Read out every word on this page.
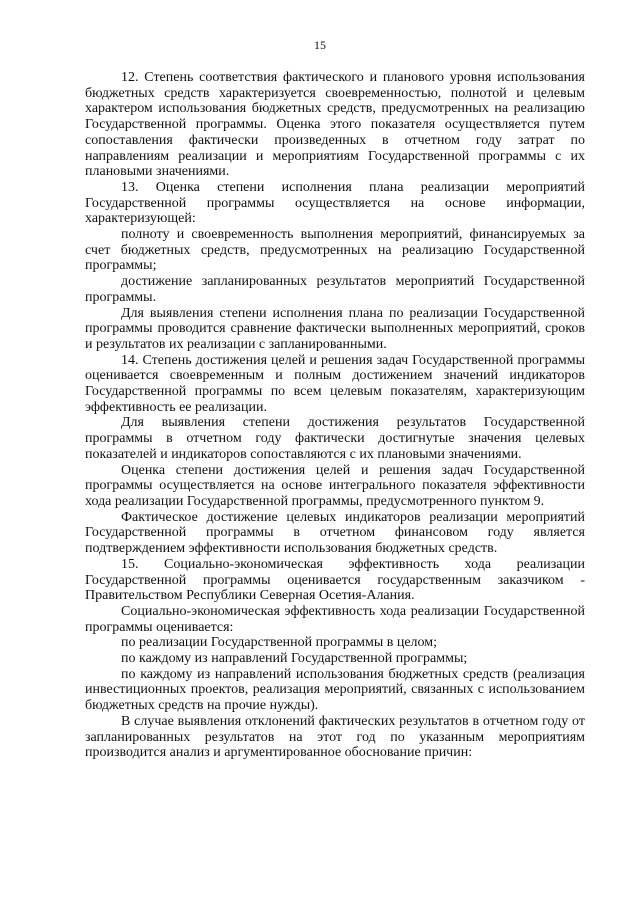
15

12. Степень соответствия фактического и планового уровня использования бюджетных средств характеризуется своевременностью, полнотой и целевым характером использования бюджетных средств, предусмотренных на реализацию Государственной программы. Оценка этого показателя осуществляется путем сопоставления фактически произведенных в отчетном году затрат по направлениям реализации и мероприятиям Государственной программы с их плановыми значениями.

13. Оценка степени исполнения плана реализации мероприятий Государственной программы осуществляется на основе информации, характеризующей:

полноту и своевременность выполнения мероприятий, финансируемых за счет бюджетных средств, предусмотренных на реализацию Государственной программы;

достижение запланированных результатов мероприятий Государственной программы.

Для выявления степени исполнения плана по реализации Государственной программы проводится сравнение фактически выполненных мероприятий, сроков и результатов их реализации с запланированными.

14. Степень достижения целей и решения задач Государственной программы оценивается своевременным и полным достижением значений индикаторов Государственной программы по всем целевым показателям, характеризующим эффективность ее реализации.

Для выявления степени достижения результатов Государственной программы в отчетном году фактически достигнутые значения целевых показателей и индикаторов сопоставляются с их плановыми значениями.

Оценка степени достижения целей и решения задач Государственной программы осуществляется на основе интегрального показателя эффективности хода реализации Государственной программы, предусмотренного пунктом 9.

Фактическое достижение целевых индикаторов реализации мероприятий Государственной программы в отчетном финансовом году является подтверждением эффективности использования бюджетных средств.

15. Социально-экономическая эффективность хода реализации Государственной программы оценивается государственным заказчиком - Правительством Республики Северная Осетия-Алания.

Социально-экономическая эффективность хода реализации Государственной программы оценивается:

по реализации Государственной программы в целом;

по каждому из направлений Государственной программы;

по каждому из направлений использования бюджетных средств (реализация инвестиционных проектов, реализация мероприятий, связанных с использованием бюджетных средств на прочие нужды).

В случае выявления отклонений фактических результатов в отчетном году от запланированных результатов на этот год по указанным мероприятиям производится анализ и аргументированное обоснование причин:
